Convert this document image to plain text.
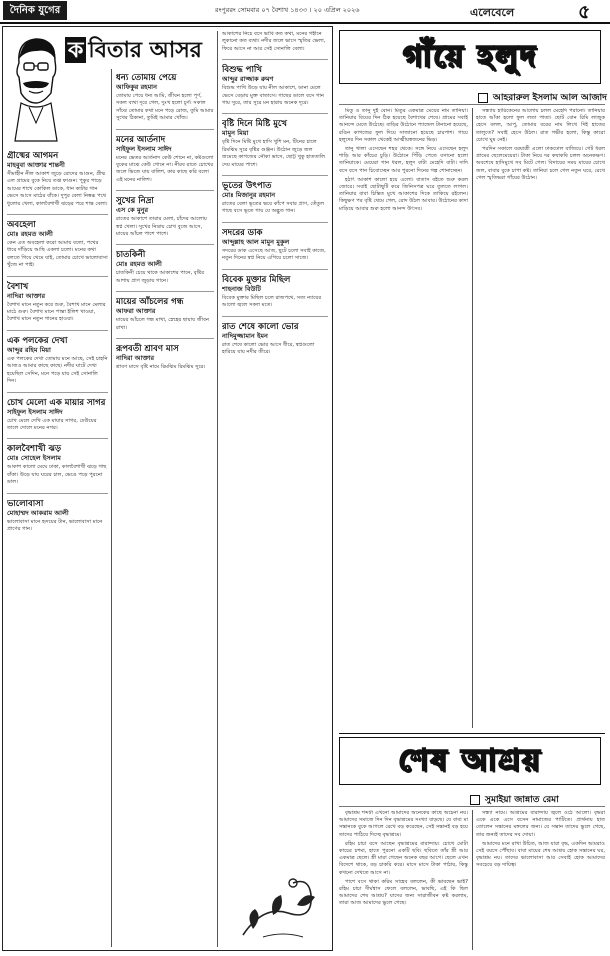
দৈনিক যুগের আলো
রংপুররং সোমবার ০৭ বৈশাখ ১৪৩৩ । ২০ এপ্রিল ২০২৬	এলেবেলে	৫
ক বিতার আসর
গ্রীষ্মের আগমন
মাহবুবা আক্তার শান্তনী

সীমাহীন নীল আকাশ জুড়ে রোদের আগুন, গ্রীষ্ম এল গ্রামের বুকে নিয়ে তপ্ত ফাগুন। পুকুর পাড়ে আমের শাখে কোকিল ডাকে, ধান কাটার গান ভেসে আসে মাঠের বাঁকে। দুপুর বেলা নিস্তব্ধ পথে ধুলোর খেলা, কালবৈশাখী ঝড়ের পরে শান্ত বেলা।

অবহেলা
মোঃ রহমত আলী

কেন এত অবহেলা করো আমায় বলো, পথের ধারে দাঁড়িয়ে আছি একলা চলো। মনের কথা বলতে গিয়ে থেমে যাই, তোমার চোখে ভালোবাসা খুঁজে না পাই।

বৈশাখ
নাদিরা আক্তার

বৈশাখ মানে নতুন করে শুরু, বৈশাখ মানে মেলার মাঠে গুরু। বৈশাখ মানে পান্তা ইলিশ খাওয়া, বৈশাখ মানে নতুন গানের হাওয়া।

এক পলকের দেখা
আব্দুর রহিম মিয়া

এক পলকের দেখা তোমায় মনে আছে, সেই চাহনি আজও আমার কাছে কাছে। নদীর ঘাটে দেখা হয়েছিল সেদিন, মনে পড়ে যায় সেই সোনালি দিন।

চোখ মেলো এক মায়ার সাগর
সাইফুল ইসলাম সাঈদ

চোখ মেলে দেখি এক মায়ার সাগর, ঢেউয়ের তালে দোলে মনের নগর।

কালবৈশাখী ঝড়
মোঃ সোহেল ইসলাম

আকাশ কালো মেঘে ঢাকা, কালবৈশাখী ঝড়ে গাছ বাঁকা। উড়ে যায় ঘরের চাল, ভেঙে পড়ে পুরনো ডাল।

ভালোবাসা
মোহাম্মদ আকরাম আলী

ভালোবাসা মানে হৃদয়ের টান, ভালোবাসা মানে প্রাণের গান।

ধন্য তোমায় পেয়ে
আফিকুর রহমান

তোমায় পেয়ে ধন্য আমি, জীবন হলো পূর্ণ, সকল ব্যথা দূরে গেল, দুঃখ হলো চূর্ণ। সকাল সাঁঝে তোমার কথা মনে পড়ে রোজ, তুমি আমার সুখের ঠিকানা, তুমিই আমার খোঁজ।

মনের আর্তনাদ
সাইফুল ইসলাম সাঈদ

মনের ভেতর আর্তনাদ কেউ শোনে না, কষ্টগুলো বুকের মাঝে কেউ গোনে না। নীরব রাতে চোখের জলে ভিজে যায় বালিশ, কার কাছে করি বলো এই মনের নালিশ।

সুখের নিদ্রা
এস কে মুনুর

রাতের আকাশে তারার মেলা, চাঁদের আলোয় স্বপ্ন খেলা। সুখের নিদ্রায় চোখ বুজে আসে, মায়ের আঁচল পাশে পাশে।

চাতকিনী
মোঃ রহমত আলী

চাতকিনী চেয়ে থাকে আকাশের পানে, বৃষ্টির আশায় প্রাণ জুড়ায় গানে।

মায়ের আঁচলের গন্ধ
আফরা আক্তার

মায়ের আঁচলে গন্ধ মাখা, স্নেহের ছায়ায় জীবন রাখা।

রূপবতী শ্রাবণ মাস
নাদিরা আক্তার

শ্রাবণ মাসে বৃষ্টি নামে রিমঝিম রিমঝিম সুরে।

আকাশের নিচে বসে ভাবি কত কথা, মনের গহীনে লুকানো কত ব্যথা। নদীর জলে ভাসে স্মৃতির ভেলা, ফিরে আসে না আর সেই সোনালি বেলা।

বিশুদ্ধ পাখি
আব্দুর রাজ্জাক রুমণ

বিশুদ্ধ পাখি উড়ে যায় নীল আকাশে, ডানা মেলে ভেসে বেড়ায় মুক্ত বাতাসে। গাছের ডালে বসে গান গায় সুরে, তার সুরে মন হারায় অনেক দূরে।

বৃষ্টি দিনে মিষ্টি মুখে
মামুন মিয়া

বৃষ্টি দিনে মিষ্টি মুখে হাসি খুশি মন, টিনের চালে রিমঝিম সুরে বৃষ্টির গুঞ্জন। উঠোন জুড়ে জল জমেছে কাগজের নৌকা ভাসে, ছোট্ট খুকু হাততালি দেয় মায়ের পাশে।

ভূতের উৎপাত
মোঃ মিজানুর রহমান

রাতের বেলা ভূতের ভয়ে কাঁপে সবার প্রাণ, তেঁতুল গাছে বসে ভূতে গায় যে অদ্ভুত গান।

সদরের ডাক
আব্দুল্লাহ আল মামুন মুকুল

সদরের ডাক এসেছে আজ, ছুটে চলো সবাই কাজে, নতুন দিনের স্বপ্ন নিয়ে এগিয়ে চলো সাজে।

বিবেক মুক্তার মিছিল
শাহনাজ বিউটি

বিবেক মুক্তার মিছিল চলে রাজপথে, সত্য ন্যায়ের আলো জ্বলে সকল মতে।

রাত শেষে কালো ভোর
নাদিমুজ্জামান ইমন

রাত শেষে কালো ভোর আসে ধীরে, স্বপ্নগুলো হারিয়ে যায় নদীর তীরে।

গাঁয়ে হলুদ
আহরারুল ইসলাম আল আজাদ

মিতু ও তানু দুই বোন। মিতুর একমাত্র মেয়ের নাম তানিয়া। তানিয়ার বিয়ের দিন ঠিক হয়েছে বৈশাখের শেষে। গ্রামের সবাই আনন্দে মেতে উঠেছে। বাড়ির উঠোনে প্যান্ডেল টানানো হয়েছে, রঙিন কাগজের ফুল দিয়ে সাজানো হয়েছে চারপাশ। গায়ে হলুদের দিন সকাল থেকেই আত্মীয়স্বজনের ভিড়।

তানু খালা এসেছেন শহর থেকে। সঙ্গে নিয়ে এসেছেন হলুদ শাড়ি আর কাঁচের চুড়ি। উঠোনে পিঁড়ি পেতে বসানো হলো তানিয়াকে। মেয়েরা গান ধরল, হলুদ বাটা মেহেদি বাটা। দাদি বসে বসে পান চিবোচ্ছেন আর পুরনো দিনের গল্প শোনাচ্ছেন।

হঠাৎ আকাশ কালো হয়ে এলো। বাতাস বইতে শুরু করল জোরে। সবাই ছোটাছুটি করে জিনিসপত্র ঘরে তুলতে লাগল। তানিয়ার বাবা চিন্তিত মুখে আকাশের দিকে তাকিয়ে রইলেন। কিছুক্ষণ পর বৃষ্টি থেমে গেল, রোদ উঠল আবার। উঠোনের কাদা মাড়িয়ে আবার শুরু হলো আনন্দ উৎসব।

সন্ধ্যায় হারিকেনের আলোয় চলল মেহেদি পরানো। তানিয়ার হাতে আঁকা হলো ফুল লতা পাতা। ছোট বোন রিমি লাজুক হেসে বলল, আপু, তোমার বরের নাম লিখে দিই হাতের তালুতে? সবাই হেসে উঠল। রাত গভীর হলো, কিন্তু কারো চোখে ঘুম নেই।

পরদিন সকালে বরযাত্রী এলো ঢাকঢোল বাজিয়ে। গেট ধরল গ্রামের ছেলেমেয়েরা। টাকা নিয়ে দর কষাকষি চলল অনেকক্ষণ। অবশেষে হাসিমুখে সব মিটে গেল। বিদায়ের সময় মায়ের চোখে জল, বাবার বুকে চাপা কষ্ট। তানিয়া চলে গেল নতুন ঘরে, রেখে গেল স্মৃতিভরা গাঁয়ের উঠোন।

শেষ আশ্রয়
সুমাইয়া জান্নাত রেমা

বৃদ্ধাশ্রম শব্দটা এখনো আমাদের অনেকের কাছে অচেনা নয়। আমাদের সমাজে দিন দিন বৃদ্ধাশ্রমের সংখ্যা বাড়ছে। যে বাবা মা সন্তানকে বুকে আগলে রেখে বড় করেছেন, সেই সন্তানই বড় হয়ে তাদের পাঠিয়ে দিচ্ছে বৃদ্ধাশ্রমে।

রহিম চাচা বসে আছেন বৃদ্ধাশ্রমের বারান্দায়। চোখে মোটা কাচের চশমা, হাতে পুরনো একটি ছবি। ছবিতে তাঁর স্ত্রী আর একমাত্র ছেলে। স্ত্রী মারা গেছেন অনেক বছর আগে। ছেলে এখন বিদেশে থাকে, বড় চাকরি করে। মাসে মাসে টাকা পাঠায়, কিন্তু কখনো দেখতে আসে না।

পাশে বসে থাকা করিম সাহেব বললেন, কী ভাবছেন ভাই? রহিম চাচা দীর্ঘশ্বাস ফেলে বললেন, ভাবছি, এই কি ছিল আমাদের শেষ আশ্রয়? যাদের জন্য সারাজীবন কষ্ট করলাম, তারা আজ আমাদের ভুলে গেছে।

সন্ধ্যা নামে। আশ্রমের বারান্দায় জ্বলে ওঠে আলো। বৃদ্ধরা একে একে এসে বসেন নামাজের পাটিতে। প্রার্থনায় হাত তোলেন সন্তানের মঙ্গলের জন্য। যে সন্তান তাদের ভুলে গেছে, তার জন্যই তাদের সব দোয়া।

আমাদের মনে রাখা উচিত, আজ যারা বৃদ্ধ, একদিন আমরাও সেই বয়সে পৌঁছাব। বাবা মায়ের শেষ আশ্রয় হোক সন্তানের ঘর, বৃদ্ধাশ্রম নয়। তাদের ভালোবাসা আর সেবাই হোক আমাদের সবচেয়ে বড় দায়িত্ব।
